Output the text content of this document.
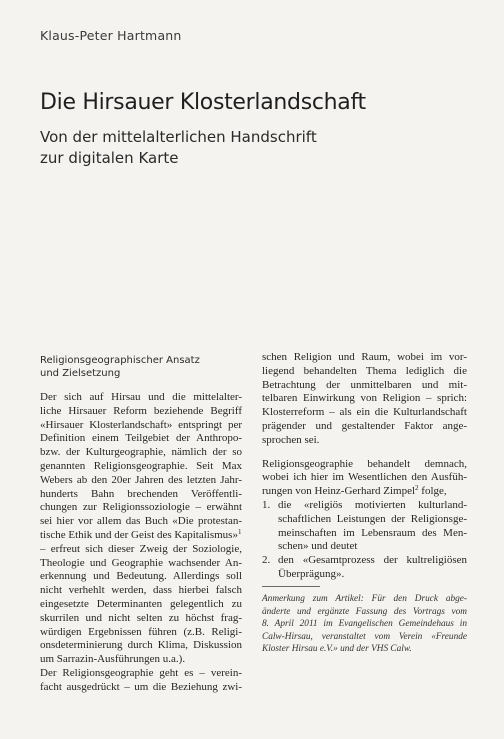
Klaus-Peter Hartmann
Die Hirsauer Klosterlandschaft
Von der mittelalterlichen Handschrift
zur digitalen Karte
Religionsgeographischer Ansatz
und Zielsetzung
Der sich auf Hirsau und die mittelalter-
liche Hirsauer Reform beziehende Begriff
«Hirsauer Klosterlandschaft» entspringt per
Definition einem Teilgebiet der Anthropo-
bzw. der Kulturgeographie, nämlich der so
genannten Religionsgeographie. Seit Max
Webers ab den 20er Jahren des letzten Jahr-
hunderts Bahn brechenden Veröffentli-
chungen zur Religionssoziologie – erwähnt
sei hier vor allem das Buch «Die protestan-
tische Ethik und der Geist des Kapitalismus»$^1$
– erfreut sich dieser Zweig der Soziologie,
Theologie und Geographie wachsender An-
erkennung und Bedeutung. Allerdings soll
nicht verhehlt werden, dass hierbei falsch
eingesetzte Determinanten gelegentlich zu
skurrilen und nicht selten zu höchst frag-
würdigen Ergebnissen führen (z.B. Religi-
onsdeterminierung durch Klima, Diskussion
um Sarrazin-Ausführungen u.a.).
Der Religionsgeographie geht es – verein-
facht ausgedrückt – um die Beziehung zwi-
schen Religion und Raum, wobei im vor-
liegend behandelten Thema lediglich die
Betrachtung der unmittelbaren und mit-
telbaren Einwirkung von Religion – sprich:
Klosterreform – als ein die Kulturlandschaft
prägender und gestaltender Faktor ange-
sprochen sei.
Religionsgeographie behandelt demnach,
wobei ich hier im Wesentlichen den Ausfüh-
rungen von Heinz-Gerhard Zimpel$^2$ folge,
1. die «religiös motivierten kulturland-
schaftlichen Leistungen der Religionsge-
meinschaften im Lebensraum des Men-
schen» und deutet
2. den «Gesamtprozess der kultreligiösen
Überprägung».
Anmerkung zum Artikel: Für den Druck abge-
änderte und ergänzte Fassung des Vortrags vom
8. April 2011 im Evangelischen Gemeindehaus in
Calw-Hirsau, veranstaltet vom Verein «Freunde
Kloster Hirsau e.V.» und der VHS Calw.
